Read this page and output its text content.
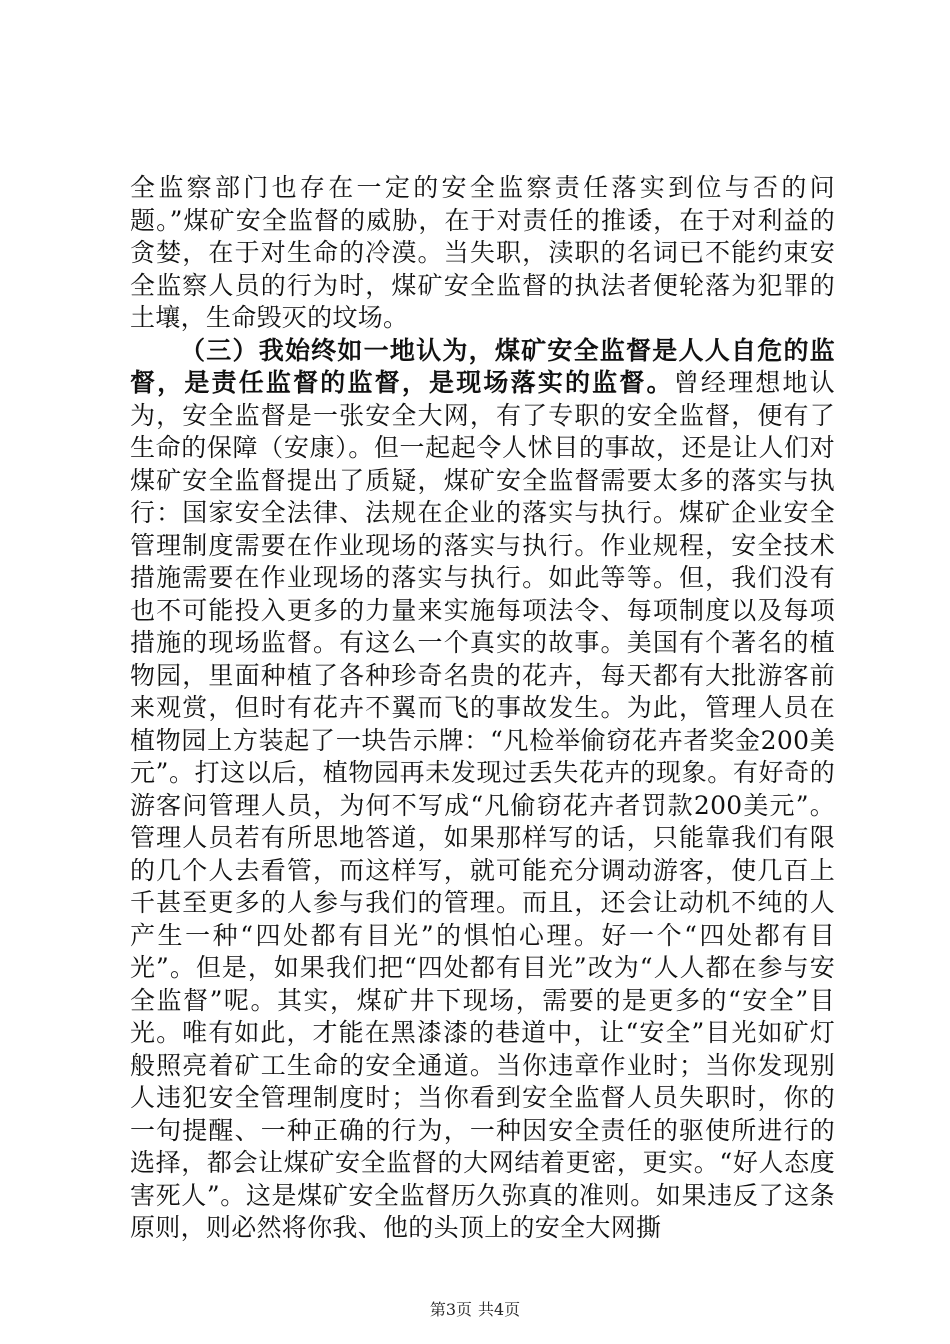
全监察部门也存在一定的安全监察责任落实到位与否的问题。”煤矿安全监督的威胁，在于对责任的推诿，在于对利益的贪婪，在于对生命的冷漠。当失职，渎职的名词已不能约束安全监察人员的行为时，煤矿安全监督的执法者便轮落为犯罪的土壤，生命毁灭的坟场。

（三）我始终如一地认为，煤矿安全监督是人人自危的监督，是责任监督的监督，是现场落实的监督。曾经理想地认为，安全监督是一张安全大网，有了专职的安全监督，便有了生命的保障（安康）。但一起起令人怵目的事故，还是让人们对煤矿安全监督提出了质疑，煤矿安全监督需要太多的落实与执行：国家安全法律、法规在企业的落实与执行。煤矿企业安全管理制度需要在作业现场的落实与执行。作业规程，安全技术措施需要在作业现场的落实与执行。如此等等。但，我们没有也不可能投入更多的力量来实施每项法令、每项制度以及每项措施的现场监督。有这么一个真实的故事。美国有个著名的植物园，里面种植了各种珍奇名贵的花卉，每天都有大批游客前来观赏，但时有花卉不翼而飞的事故发生。为此，管理人员在植物园上方装起了一块告示牌：“凡检举偷窃花卉者奖金200美元”。打这以后，植物园再未发现过丢失花卉的现象。有好奇的游客问管理人员，为何不写成“凡偷窃花卉者罚款200美元”。管理人员若有所思地答道，如果那样写的话，只能靠我们有限的几个人去看管，而这样写，就可能充分调动游客，使几百上千甚至更多的人参与我们的管理。而且，还会让动机不纯的人产生一种“四处都有目光”的惧怕心理。好一个“四处都有目光”。但是，如果我们把“四处都有目光”改为“人人都在参与安全监督”呢。其实，煤矿井下现场，需要的是更多的“安全”目光。唯有如此，才能在黑漆漆的巷道中，让“安全”目光如矿灯般照亮着矿工生命的安全通道。当你违章作业时；当你发现别人违犯安全管理制度时；当你看到安全监督人员失职时，你的一句提醒、一种正确的行为，一种因安全责任的驱使所进行的选择，都会让煤矿安全监督的大网结着更密，更实。“好人态度害死人”。这是煤矿安全监督历久弥真的准则。如果违反了这条原则，则必然将你我、他的头顶上的安全大网撕

第3页 共4页
